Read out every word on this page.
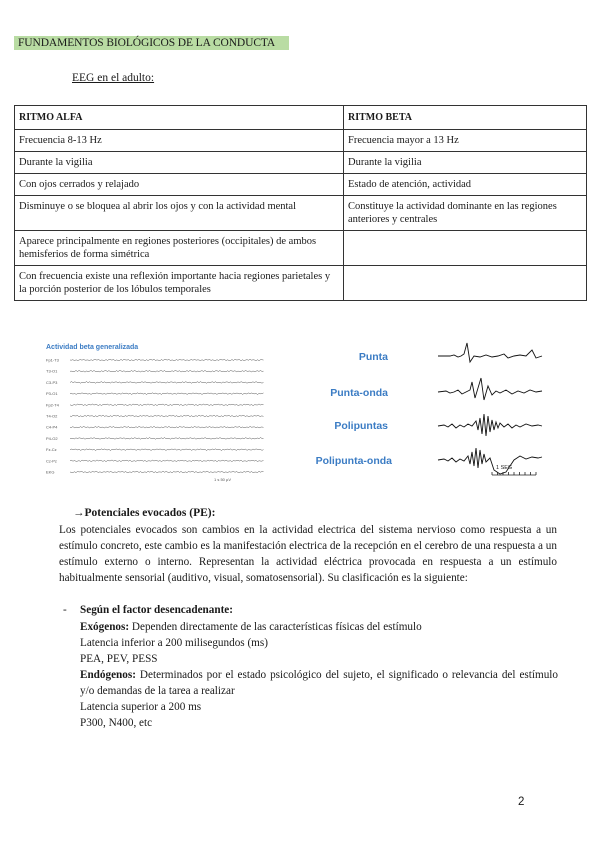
FUNDAMENTOS BIOLÓGICOS DE LA CONDUCTA
EEG en el adulto:
RITMO ALFA	RITMO BETA
Frecuencia 8-13 Hz	Frecuencia mayor a 13 Hz
Durante la vigilia	Durante la vigilia
Con ojos cerrados y relajado	Estado de atención, actividad
Disminuye o se bloquea al abrir los ojos y con la actividad mental	Constituye la actividad dominante en las regiones anteriores y centrales
Aparece principalmente en regiones posteriores (occipitales) de ambos hemisferios de forma simétrica	
Con frecuencia existe una reflexión importante hacia regiones parietales y la porción posterior de los lóbulos temporales	
Actividad beta generalizada
Fp1-T3
T3-O1
C3-P3
P3-O1
Fp2-T4
T4-O2
C4-P4
P4-O2
Fz-Cz
Cz-Pz
EKG
1 s 50 µV
Punta
Punta-onda
Polipuntas
Polipunta-onda
1 SEG
→Potenciales evocados (PE):
Los potenciales evocados son cambios en la actividad electrica del sistema nervioso como respuesta a un estímulo concreto, este cambio es la manifestación electrica de la recepción en el cerebro de una respuesta a un estímulo externo o interno. Representan la actividad eléctrica provocada en respuesta a un estímulo habitualmente sensorial (auditivo, visual, somatosensorial). Su clasificación es la siguiente:
- Según el factor desencadenante:
Exógenos: Dependen directamente de las características físicas del estímulo
Latencia inferior a 200 milisegundos (ms)
PEA, PEV, PESS
Endógenos: Determinados por el estado psicológico del sujeto, el significado o relevancia del estímulo y/o demandas de la tarea a realizar
Latencia superior a 200 ms
P300, N400, etc
2
